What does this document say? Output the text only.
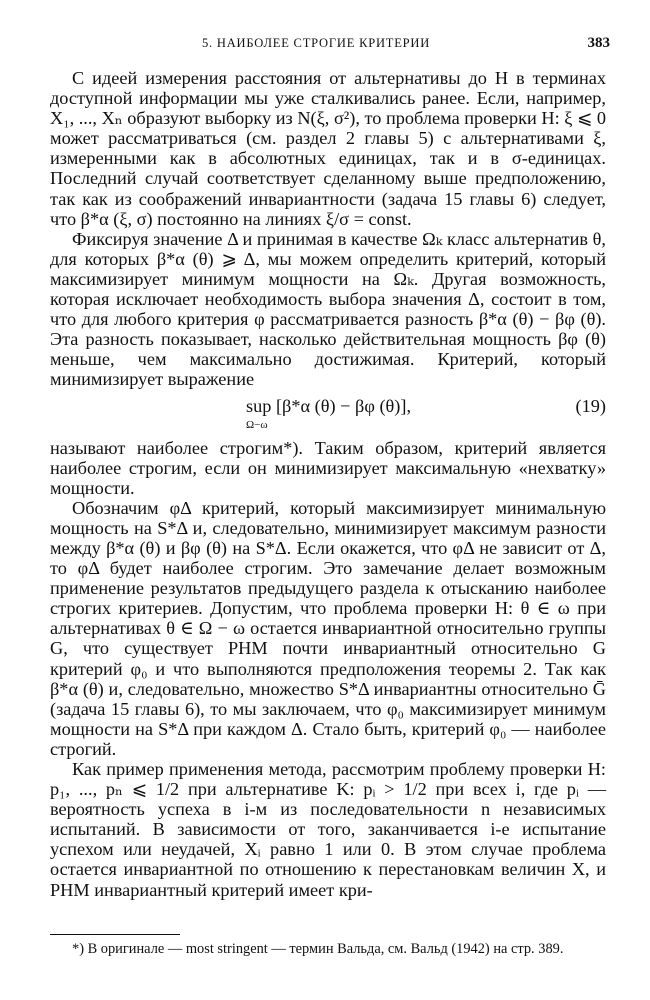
5. НАИБОЛЕЕ СТРОГИЕ КРИТЕРИИ	383

С идеей измерения расстояния от альтернативы до H в терминах доступной информации мы уже сталкивались ранее. Если, например, X₁, ..., Xₙ образуют выборку из N(ξ, σ²), то проблема проверки H: ξ ⩽ 0 может рассматриваться (см. раздел 2 главы 5) с альтернативами ξ, измеренными как в абсолютных единицах, так и в σ-единицах. Последний случай соответствует сделанному выше предположению, так как из соображений инвариантности (задача 15 главы 6) следует, что β*α (ξ, σ) постоянно на линиях ξ/σ = const.

Фиксируя значение Δ и принимая в качестве Ωₖ класс альтернатив θ, для которых β*α (θ) ⩾ Δ, мы можем определить критерий, который максимизирует минимум мощности на Ωₖ. Другая возможность, которая исключает необходимость выбора значения Δ, состоит в том, что для любого критерия φ рассматривается разность β*α (θ) − βφ (θ). Эта разность показывает, насколько действительная мощность βφ (θ) меньше, чем максимально достижимая. Критерий, который минимизирует выражение

sup [β*α (θ) − βφ (θ)],
Ω−ω
(19)

называют наиболее строгим*). Таким образом, критерий является наиболее строгим, если он минимизирует максимальную «нехватку» мощности.

Обозначим φΔ критерий, который максимизирует минимальную мощность на S*Δ и, следовательно, минимизирует максимум разности между β*α (θ) и βφ (θ) на S*Δ. Если окажется, что φΔ не зависит от Δ, то φΔ будет наиболее строгим. Это замечание делает возможным применение результатов предыдущего раздела к отысканию наиболее строгих критериев. Допустим, что проблема проверки H: θ ∈ ω при альтернативах θ ∈ Ω − ω остается инвариантной относительно группы G, что существует РНМ почти инвариантный относительно G критерий φ₀ и что выполняются предположения теоремы 2. Так как β*α (θ) и, следовательно, множество S*Δ инвариантны относительно Ḡ (задача 15 главы 6), то мы заключаем, что φ₀ максимизирует минимум мощности на S*Δ при каждом Δ. Стало быть, критерий φ₀ — наиболее строгий.

Как пример применения метода, рассмотрим проблему проверки H: p₁, ..., pₙ ⩽ 1/2 при альтернативе K: pᵢ > 1/2 при всех i, где pᵢ — вероятность успеха в i-м из последовательности n независимых испытаний. В зависимости от того, заканчивается i-е испытание успехом или неудачей, Xᵢ равно 1 или 0. В этом случае проблема остается инвариантной по отношению к перестановкам величин X, и РНМ инвариантный критерий имеет кри-

*) В оригинале — most stringent — термин Вальда, см. Вальд (1942) на стр. 389.
